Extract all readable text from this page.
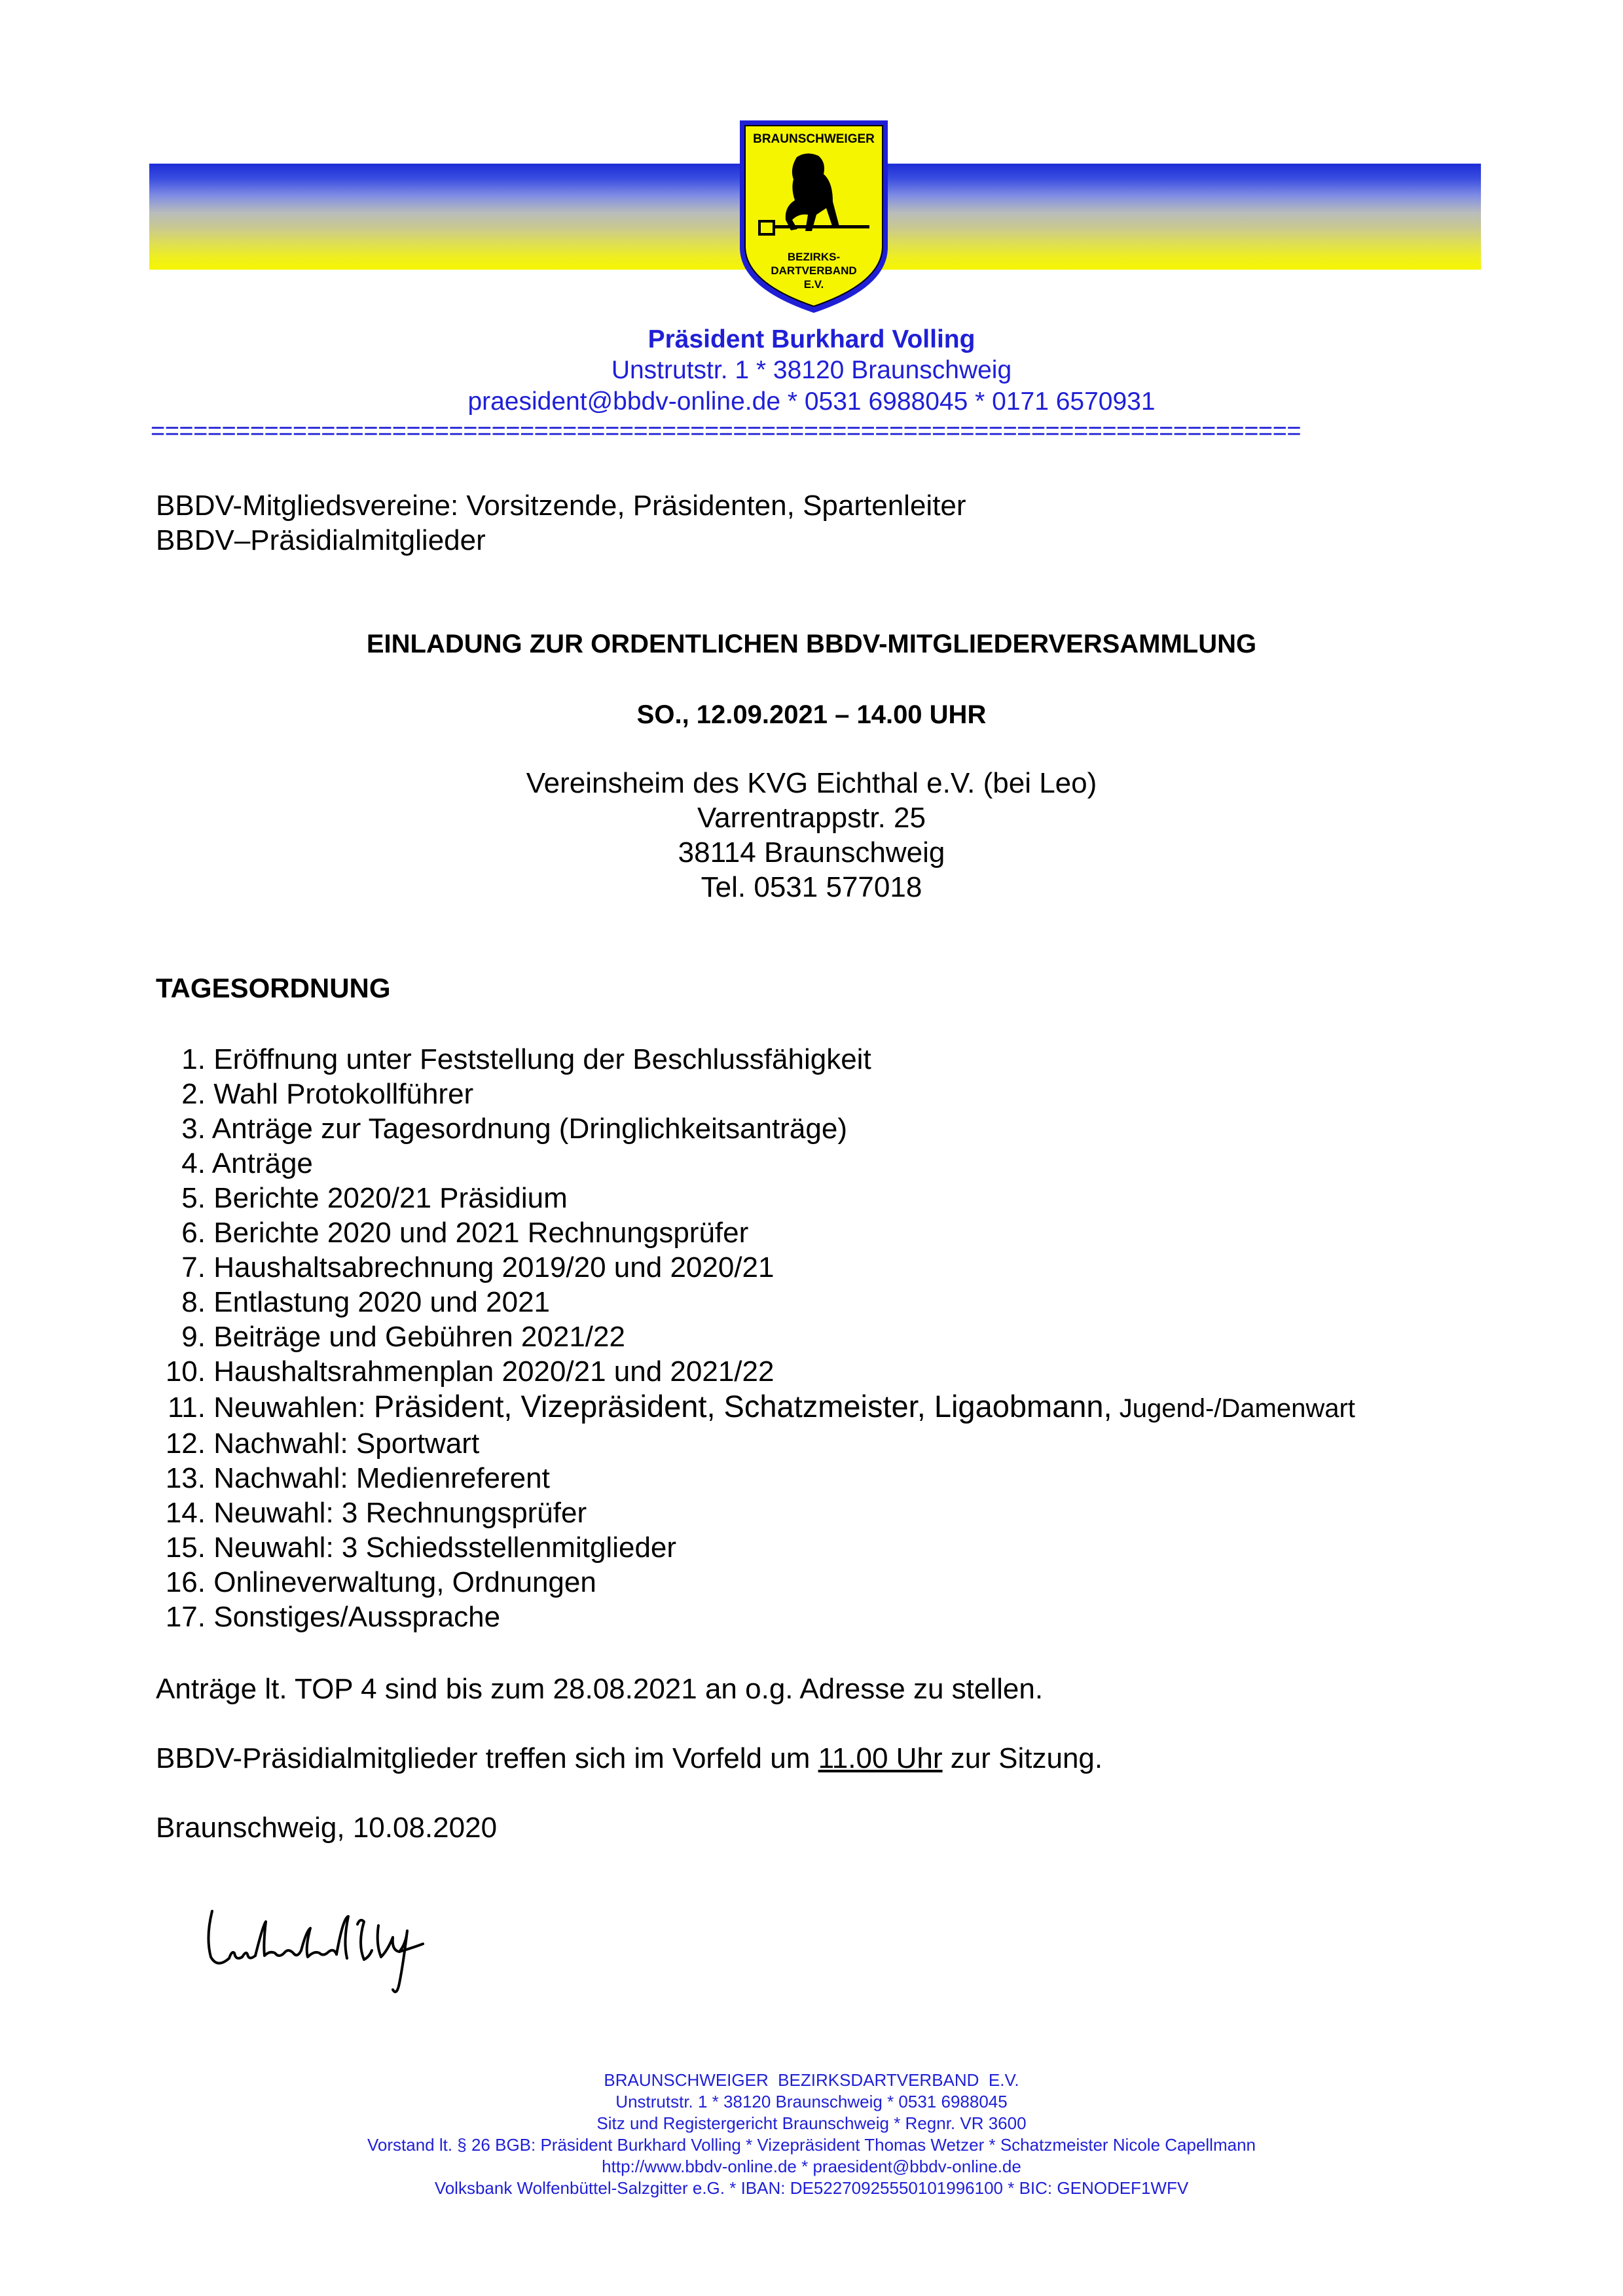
BRAUNSCHWEIGER
BEZIRKS-
DARTVERBAND
E.V.
Präsident Burkhard Volling
Unstrutstr. 1 * 38120 Braunschweig
praesident@bbdv-online.de * 0531 6988045 * 0171 6570931
=================================================================================
BBDV-Mitgliedsvereine: Vorsitzende, Präsidenten, Spartenleiter
BBDV–Präsidialmitglieder
EINLADUNG ZUR ORDENTLICHEN BBDV-MITGLIEDERVERSAMMLUNG
SO., 12.09.2021 – 14.00 UHR
Vereinsheim des KVG Eichthal e.V. (bei Leo)
Varrentrappstr. 25
38114 Braunschweig
Tel. 0531 577018
TAGESORDNUNG
1. Eröffnung unter Feststellung der Beschlussfähigkeit
2. Wahl Protokollführer
3. Anträge zur Tagesordnung (Dringlichkeitsanträge)
4. Anträge
5. Berichte 2020/21 Präsidium
6. Berichte 2020 und 2021 Rechnungsprüfer
7. Haushaltsabrechnung 2019/20 und 2020/21
8. Entlastung 2020 und 2021
9. Beiträge und Gebühren 2021/22
10. Haushaltsrahmenplan 2020/21 und 2021/22
11. Neuwahlen: Präsident, Vizepräsident, Schatzmeister, Ligaobmann, Jugend-/Damenwart
12. Nachwahl: Sportwart
13. Nachwahl: Medienreferent
14. Neuwahl: 3 Rechnungsprüfer
15. Neuwahl: 3 Schiedsstellenmitglieder
16. Onlineverwaltung, Ordnungen
17. Sonstiges/Aussprache
Anträge lt. TOP 4 sind bis zum 28.08.2021 an o.g. Adresse zu stellen.
BBDV-Präsidialmitglieder treffen sich im Vorfeld um 11.00 Uhr zur Sitzung.
Braunschweig, 10.08.2020
BRAUNSCHWEIGER  BEZIRKSDARTVERBAND  E.V.
Unstrutstr. 1 * 38120 Braunschweig * 0531 6988045
Sitz und Registergericht Braunschweig * Regnr. VR 3600
Vorstand lt. § 26 BGB: Präsident Burkhard Volling * Vizepräsident Thomas Wetzer * Schatzmeister Nicole Capellmann
http://www.bbdv-online.de * praesident@bbdv-online.de
Volksbank Wolfenbüttel-Salzgitter e.G. * IBAN: DE52270925550101996100 * BIC: GENODEF1WFV
